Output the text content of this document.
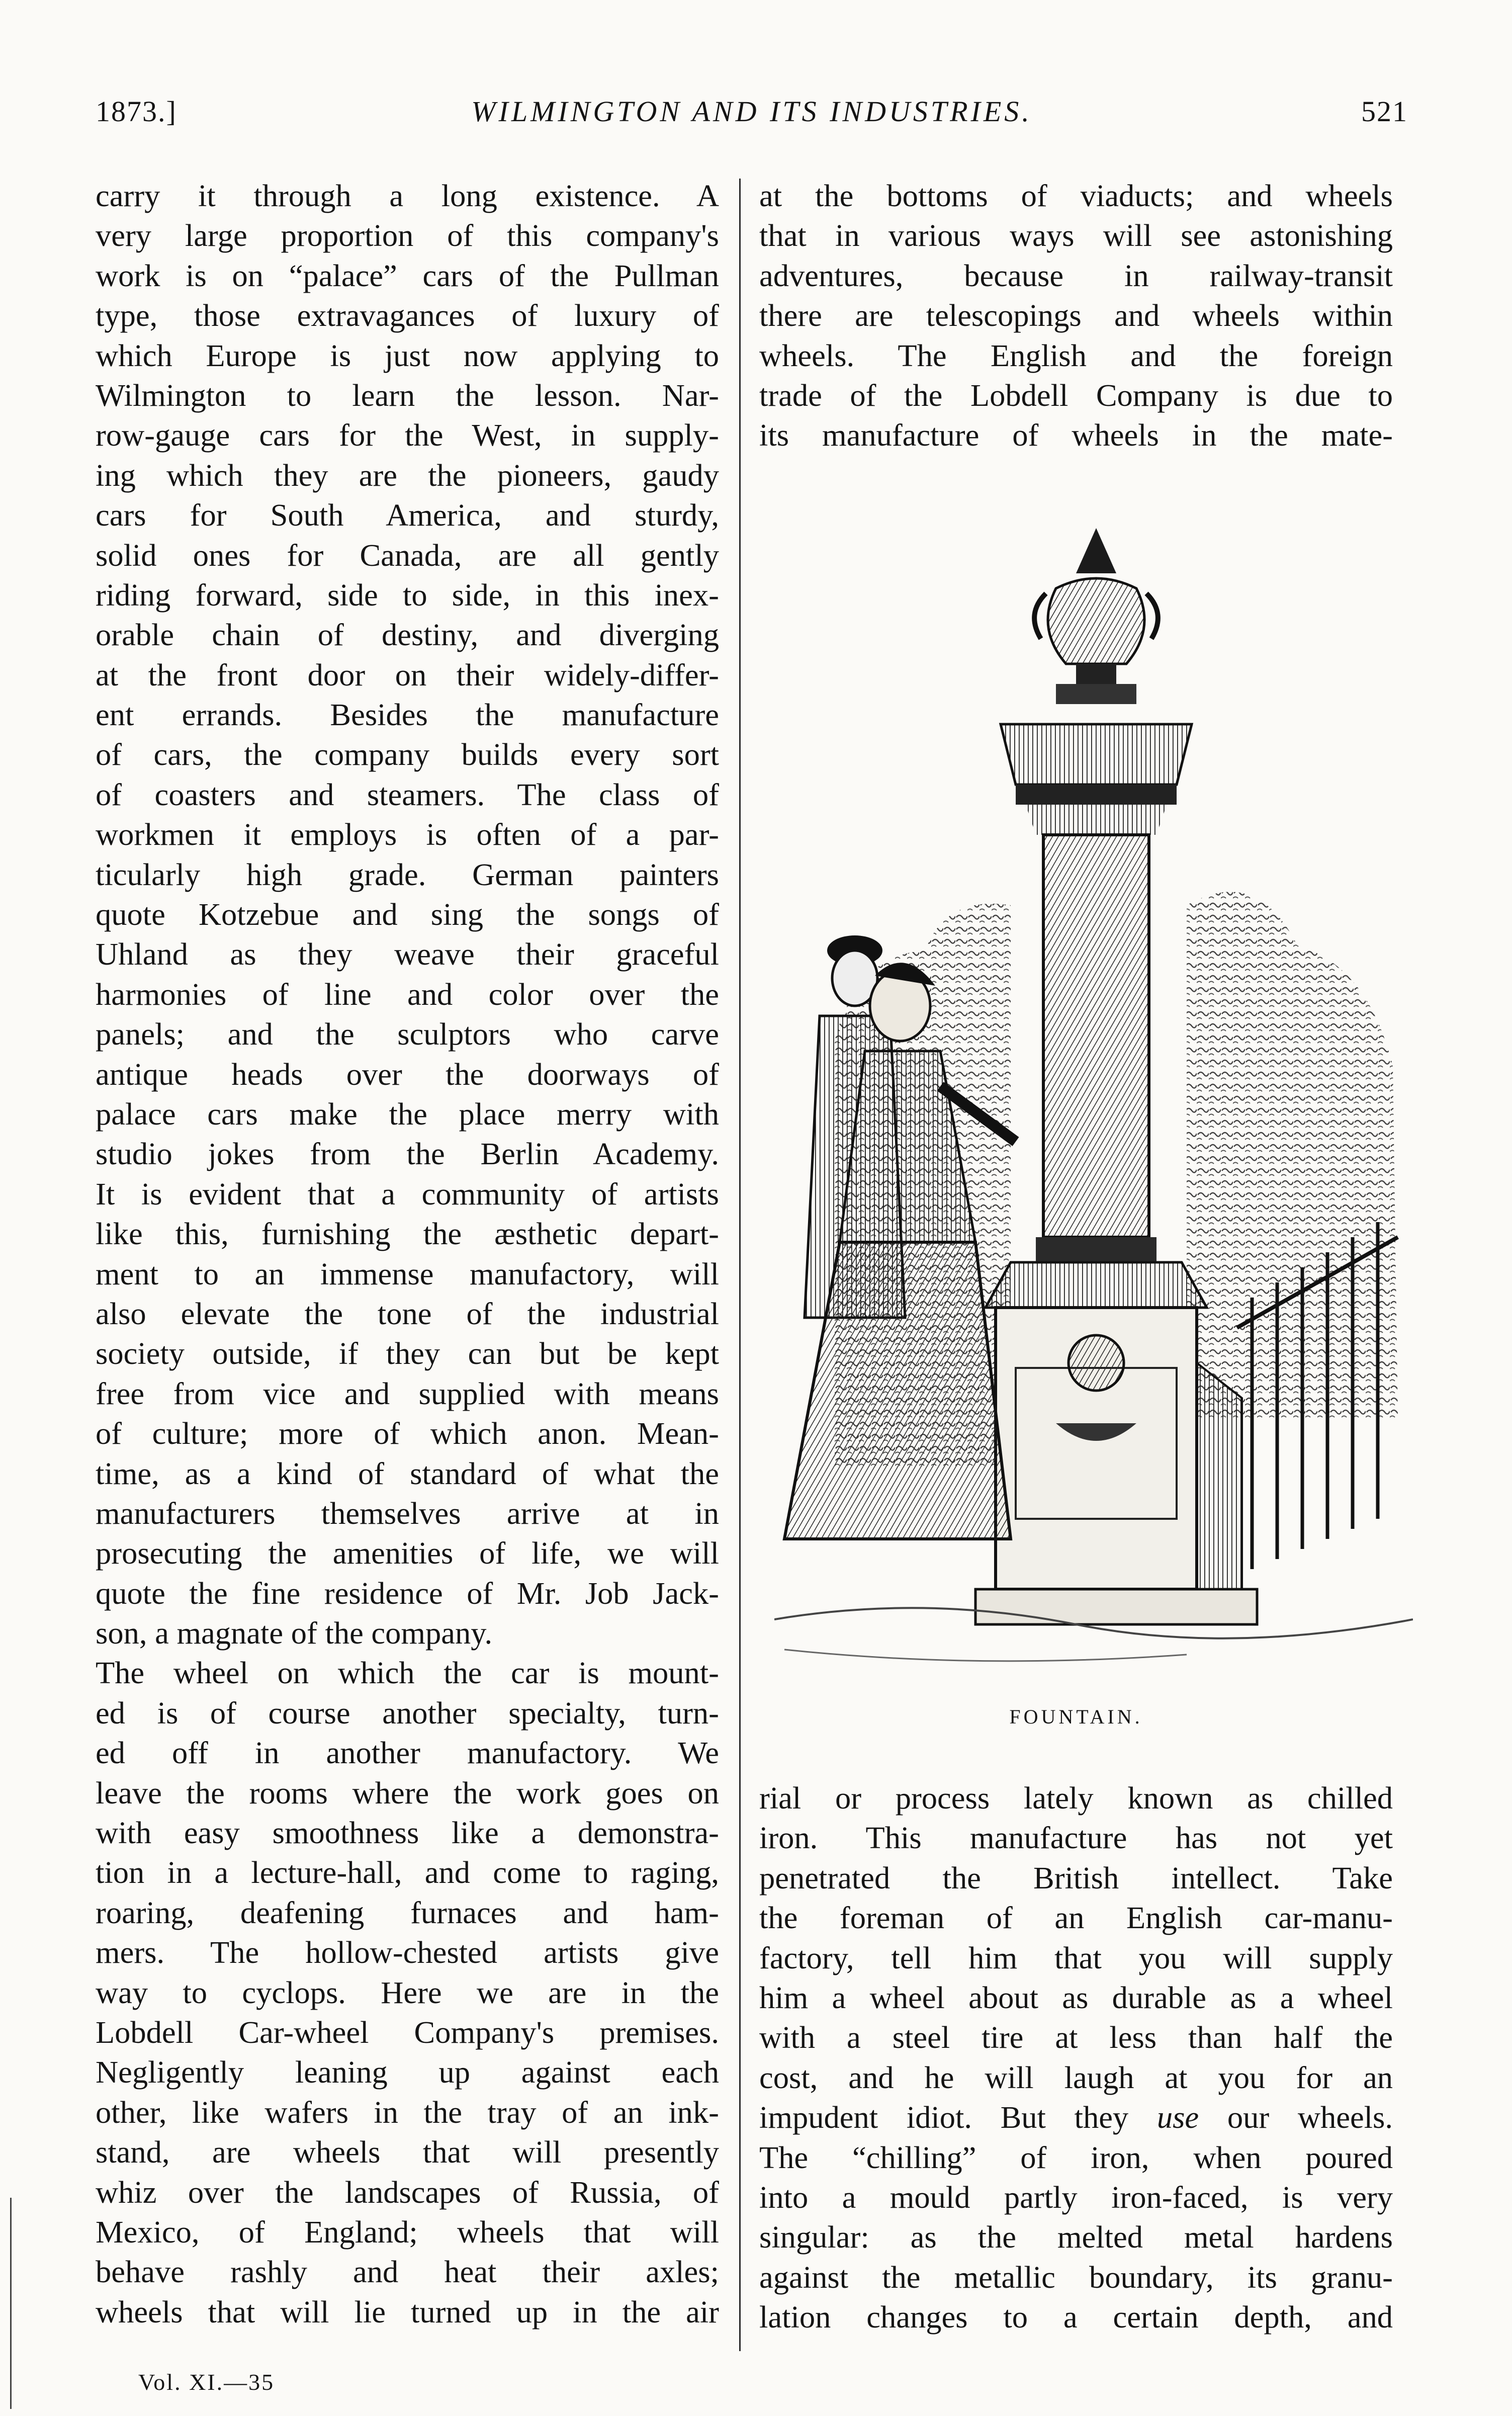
1873.]	WILMINGTON AND ITS INDUSTRIES.	521
carry it through a long existence. A
very large proportion of this company's
work is on “palace” cars of the Pullman
type, those extravagances of luxury of
which Europe is just now applying to
Wilmington to learn the lesson. Nar-
row-gauge cars for the West, in supply-
ing which they are the pioneers, gaudy
cars for South America, and sturdy,
solid ones for Canada, are all gently
riding forward, side to side, in this inex-
orable chain of destiny, and diverging
at the front door on their widely-differ-
ent errands. Besides the manufacture
of cars, the company builds every sort
of coasters and steamers. The class of
workmen it employs is often of a par-
ticularly high grade. German painters
quote Kotzebue and sing the songs of
Uhland as they weave their graceful
harmonies of line and color over the
panels; and the sculptors who carve
antique heads over the doorways of
palace cars make the place merry with
studio jokes from the Berlin Academy.
It is evident that a community of artists
like this, furnishing the æsthetic depart-
ment to an immense manufactory, will
also elevate the tone of the industrial
society outside, if they can but be kept
free from vice and supplied with means
of culture; more of which anon. Mean-
time, as a kind of standard of what the
manufacturers themselves arrive at in
prosecuting the amenities of life, we will
quote the fine residence of Mr. Job Jack-
son, a magnate of the company.
The wheel on which the car is mount-
ed is of course another specialty, turn-
ed off in another manufactory. We
leave the rooms where the work goes on
with easy smoothness like a demonstra-
tion in a lecture-hall, and come to raging,
roaring, deafening furnaces and ham-
mers. The hollow-chested artists give
way to cyclops. Here we are in the
Lobdell Car-wheel Company's premises.
Negligently leaning up against each
other, like wafers in the tray of an ink-
stand, are wheels that will presently
whiz over the landscapes of Russia, of
Mexico, of England; wheels that will
behave rashly and heat their axles;
wheels that will lie turned up in the air
at the bottoms of viaducts; and wheels
that in various ways will see astonishing
adventures, because in railway-transit
there are telescopings and wheels within
wheels. The English and the foreign
trade of the Lobdell Company is due to
its manufacture of wheels in the mate-
FOUNTAIN.
rial or process lately known as chilled
iron. This manufacture has not yet
penetrated the British intellect. Take
the foreman of an English car-manu-
factory, tell him that you will supply
him a wheel about as durable as a wheel
with a steel tire at less than half the
cost, and he will laugh at you for an
impudent idiot. But they use our wheels.
The “chilling” of iron, when poured
into a mould partly iron-faced, is very
singular: as the melted metal hardens
against the metallic boundary, its granu-
lation changes to a certain depth, and
Vol. XI.—35
